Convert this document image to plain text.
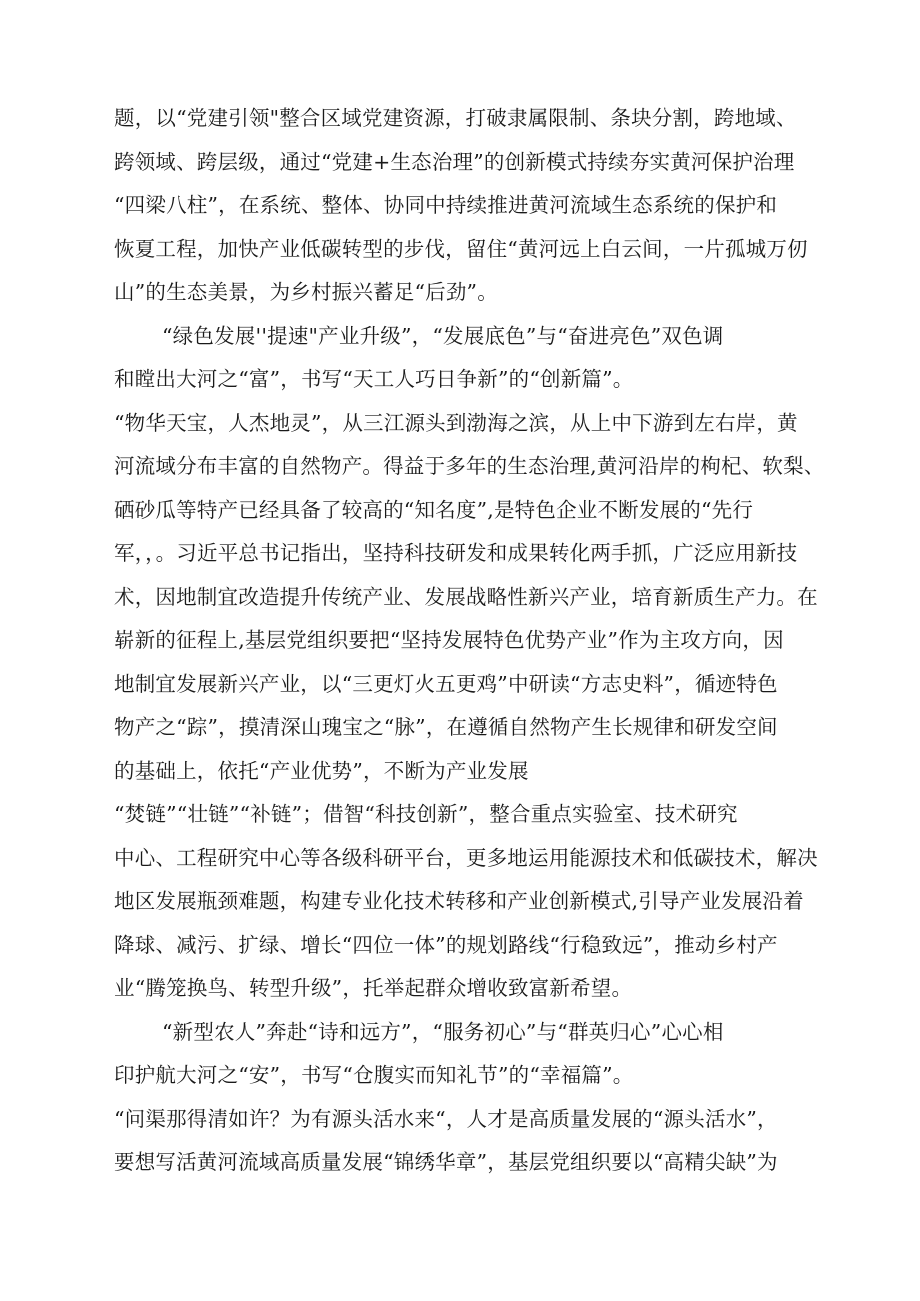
题，以“党建引领"整合区域党建资源，打破隶属限制、条块分割，跨地域、
跨领域、跨层级，通过“党建+生态治理”的创新模式持续夯实黄河保护治理
“四梁八柱”，在系统、整体、协同中持续推进黄河流域生态系统的保护和
恢夏工程，加快产业低碳转型的步伐，留住“黄河远上白云间，一片孤城万仞
山”的生态美景，为乡村振兴蓄足“后劲”。
“绿色发展''提速"产业升级”，“发展底色”与“奋进亮色”双色调
和瞠出大河之“富”，书写“天工人巧日争新”的“创新篇”。
“物华天宝，人杰地灵”，从三江源头到渤海之滨，从上中下游到左右岸，黄
河流域分布丰富的自然物产。得益于多年的生态治理,黄河沿岸的枸杞、软梨、
硒砂瓜等特产已经具备了较高的“知名度”,是特色企业不断发展的“先行
军，，。习近平总书记指出，坚持科技研发和成果转化两手抓，广泛应用新技
术，因地制宜改造提升传统产业、发展战略性新兴产业，培育新质生产力。在
崭新的征程上,基层党组织要把“坚持发展特色优势产业”作为主攻方向，因
地制宜发展新兴产业，以“三更灯火五更鸡”中研读“方志史料”，循迹特色
物产之“踪”，摸清深山瑰宝之“脉”，在遵循自然物产生长规律和研发空间
的基础上，依托“产业优势”，不断为产业发展
“焚链”“壮链”“补链”；借智“科技创新”，整合重点实验室、技术研究
中心、工程研究中心等各级科研平台，更多地运用能源技术和低碳技术，解决
地区发展瓶颈难题，构建专业化技术转移和产业创新模式,引导产业发展沿着
降球、减污、扩绿、增长“四位一体”的规划路线“行稳致远”，推动乡村产
业“腾笼换鸟、转型升级”，托举起群众增收致富新希望。
“新型农人”奔赴“诗和远方”，“服务初心”与“群英归心”心心相
印护航大河之“安”，书写“仓腹实而知礼节”的“幸福篇”。
“问渠那得清如许？为有源头活水来“，人才是高质量发展的“源头活水”，
要想写活黄河流域高质量发展“锦绣华章”，基层党组织要以“高精尖缺”为
